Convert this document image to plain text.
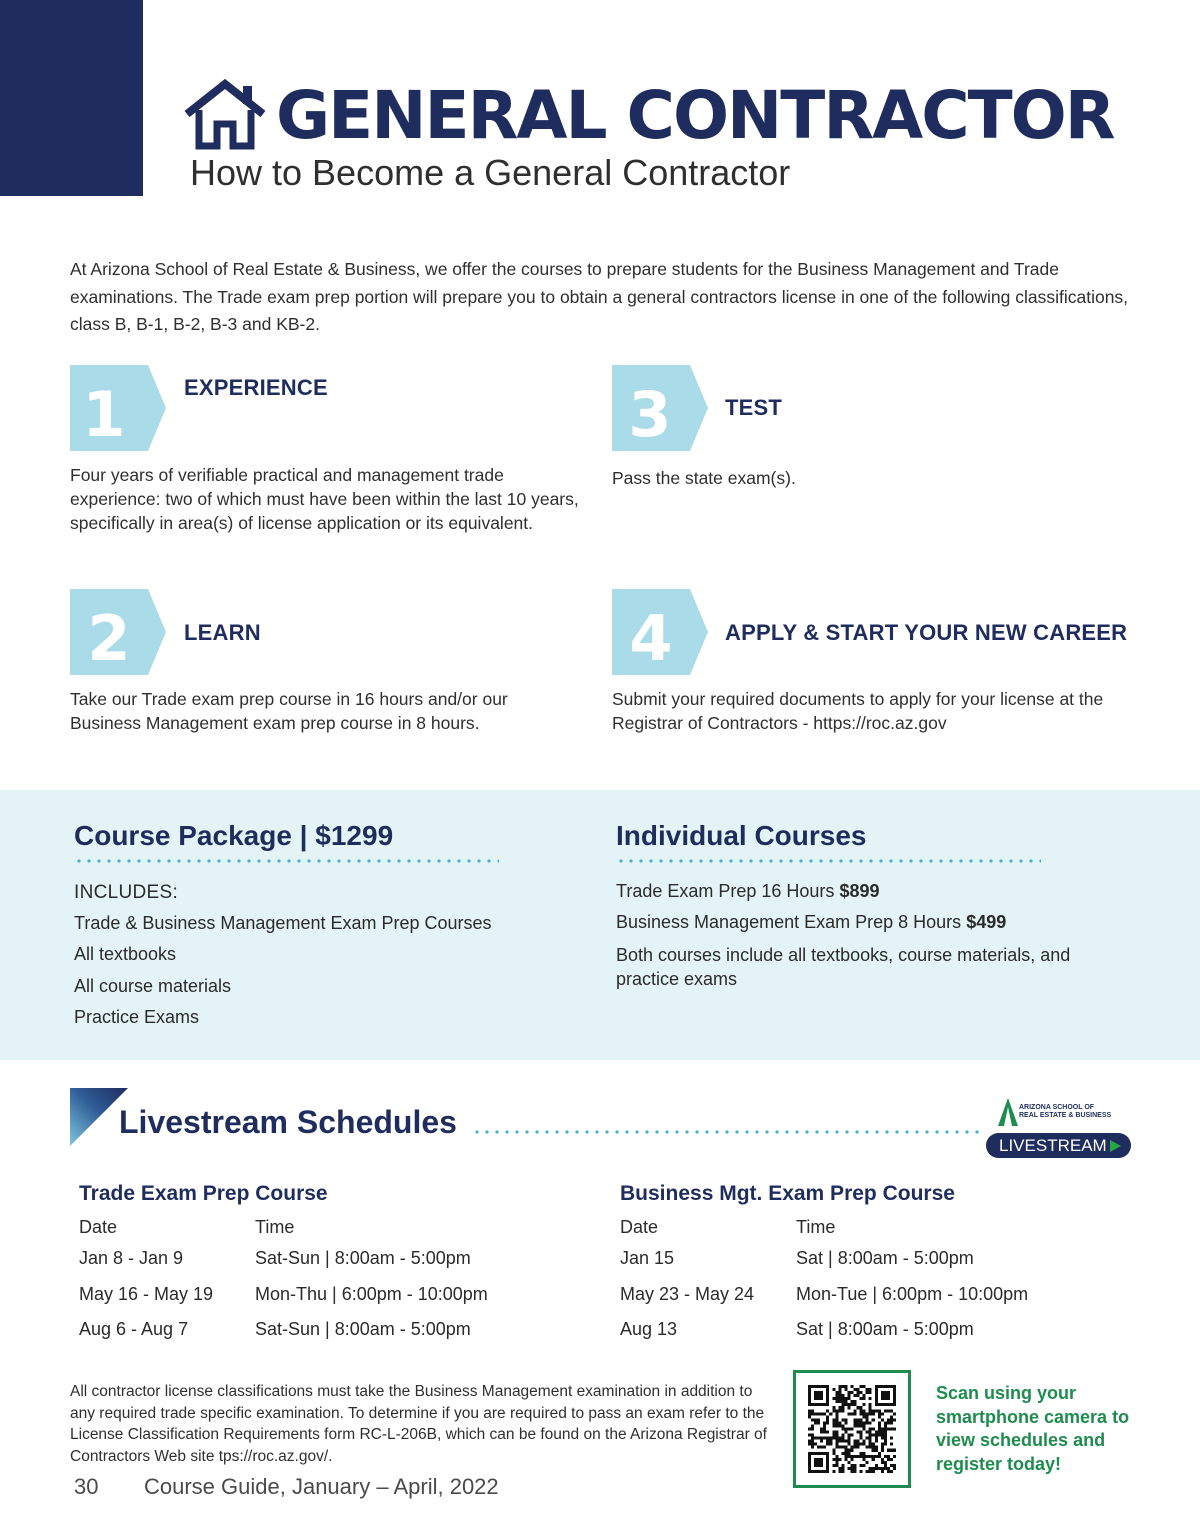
GENERAL CONTRACTOR
How to Become a General Contractor

At Arizona School of Real Estate & Business, we offer the courses to prepare students for the Business Management and Trade examinations. The Trade exam prep portion will prepare you to obtain a general contractors license in one of the following classifications, class B, B-1, B-2, B-3 and KB-2.

1	EXPERIENCE

Four years of verifiable practical and management trade experience: two of which must have been within the last 10 years, specifically in area(s) of license application or its equivalent.

3 TEST

Pass the state exam(s).

2 LEARN

Take our Trade exam prep course in 16 hours and/or our Business Management exam prep course in 8 hours.

4 APPLY & START YOUR NEW CAREER

Submit your required documents to apply for your license at the Registrar of Contractors - https://roc.az.gov

Course Package | $1299
INCLUDES:
Trade & Business Management Exam Prep Courses
All textbooks
All course materials
Practice Exams
Individual Courses
Trade Exam Prep 16 Hours $899
Business Management Exam Prep 8 Hours $499

Both courses include all textbooks, course materials, and practice exams

Livestream Schedules	ARIZONA SCHOOL OF
REAL ESTATE & BUSINESS
LIVESTREAM
Trade Exam Prep Course
Date	Time
Jan 8 - Jan 9	Sat-Sun | 8:00am - 5:00pm
May 16 - May 19	Mon-Thu | 6:00pm - 10:00pm
Aug 6 - Aug 7	Sat-Sun | 8:00am - 5:00pm
Business Mgt. Exam Prep Course
Date	Time
Jan 15	Sat | 8:00am - 5:00pm
May 23 - May 24	Mon-Tue | 6:00pm - 10:00pm
Aug 13	Sat | 8:00am - 5:00pm

All contractor license classifications must take the Business Management examination in addition to any required trade specific examination. To determine if you are required to pass an exam refer to the License Classification Requirements form RC-L-206B, which can be found on the Arizona Registrar of Contractors Web site tps://roc.az.gov/.

30 Course Guide, January – April, 2022

Scan using your smartphone camera to view schedules and register today!
